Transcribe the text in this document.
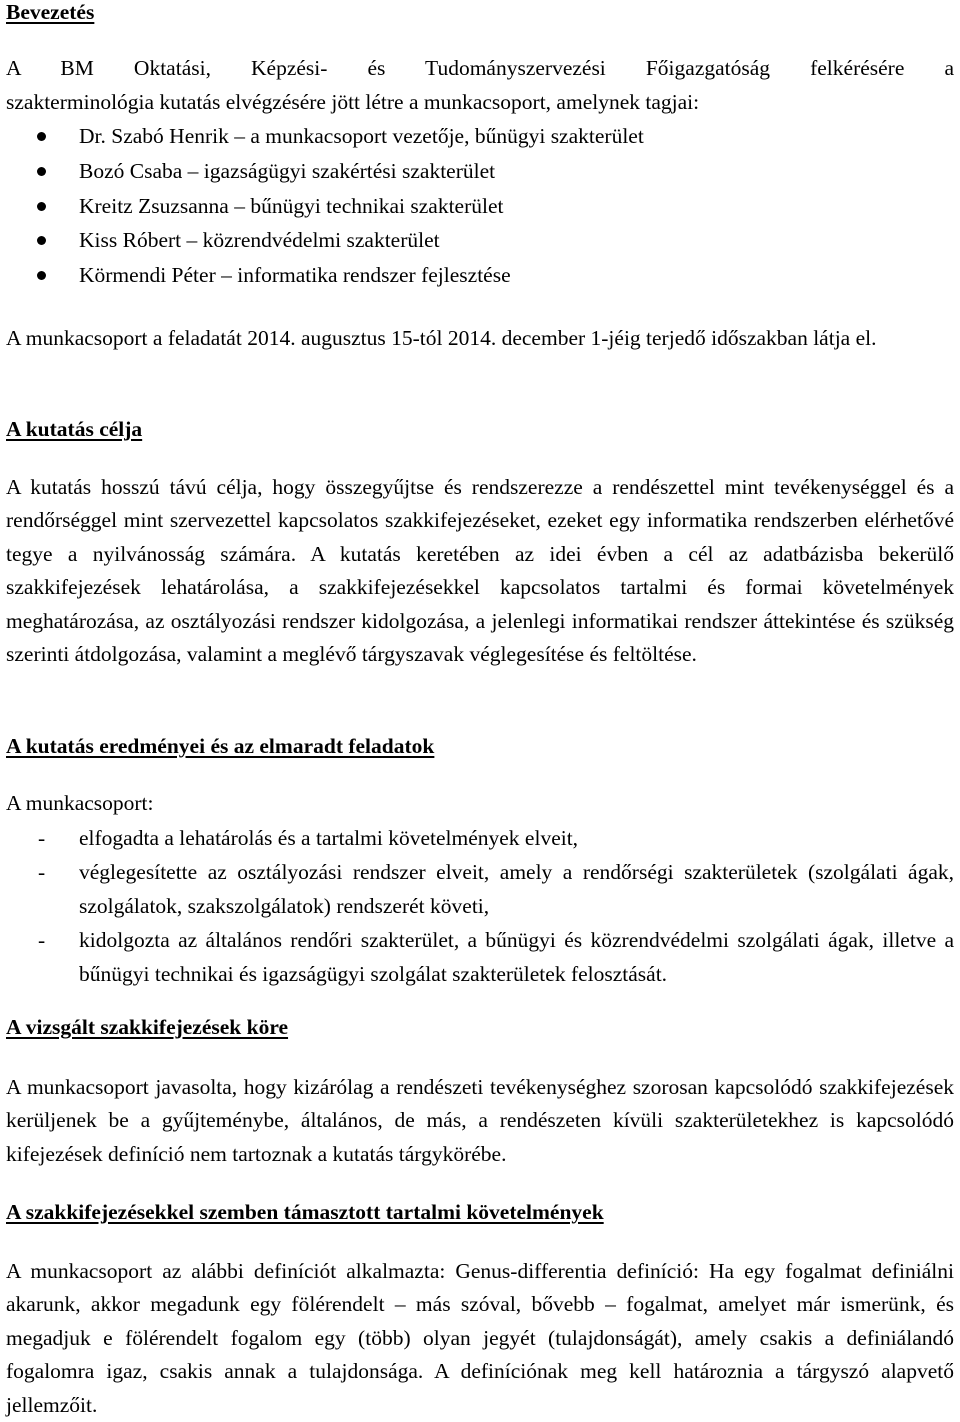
Bevezetés

A BM Oktatási, Képzési- és Tudományszervezési Főigazgatóság felkérésére a

szakterminológia kutatás elvégzésére jött létre a munkacsoport, amelynek tagjai:

Dr. Szabó Henrik – a munkacsoport vezetője, bűnügyi szakterület
Bozó Csaba – igazságügyi szakértési szakterület
Kreitz Zsuzsanna – bűnügyi technikai szakterület
Kiss Róbert – közrendvédelmi szakterület
Körmendi Péter – informatika rendszer fejlesztése

A munkacsoport a feladatát 2014. augusztus 15-tól 2014. december 1-jéig terjedő időszakban látja el.

A kutatás célja

A kutatás hosszú távú célja, hogy összegyűjtse és rendszerezze a rendészettel mint tevékenységgel és a rendőrséggel mint szervezettel kapcsolatos szakkifejezéseket, ezeket egy informatika rendszerben elérhetővé tegye a nyilvánosság számára. A kutatás keretében az idei évben a cél az adatbázisba bekerülő szakkifejezések lehatárolása, a szakkifejezésekkel kapcsolatos tartalmi és formai követelmények meghatározása, az osztályozási rendszer kidolgozása, a jelenlegi informatikai rendszer áttekintése és szükség szerinti átdolgozása, valamint a meglévő tárgyszavak véglegesítése és feltöltése.

A kutatás eredményei és az elmaradt feladatok

A munkacsoport:

- elfogadta a lehatárolás és a tartalmi követelmények elveit,
- véglegesítette az osztályozási rendszer elveit, amely a rendőrségi szakterületek (szolgálati ágak, szolgálatok, szakszolgálatok) rendszerét követi,
- kidolgozta az általános rendőri szakterület, a bűnügyi és közrendvédelmi szolgálati ágak, illetve a bűnügyi technikai és igazságügyi szolgálat szakterületek felosztását.
A vizsgált szakkifejezések köre

A munkacsoport javasolta, hogy kizárólag a rendészeti tevékenységhez szorosan kapcsolódó szakkifejezések kerüljenek be a gyűjteménybe, általános, de más, a rendészeten kívüli szakterületekhez is kapcsolódó kifejezések definíció nem tartoznak a kutatás tárgykörébe.

A szakkifejezésekkel szemben támasztott tartalmi követelmények

A munkacsoport az alábbi definíciót alkalmazta: Genus-differentia definíció: Ha egy fogalmat definiálni akarunk, akkor megadunk egy fölérendelt – más szóval, bővebb – fogalmat, amelyet már ismerünk, és megadjuk e fölérendelt fogalom egy (több) olyan jegyét (tulajdonságát), amely csakis a definiálandó fogalomra igaz, csakis annak a tulajdonsága. A definíciónak meg kell határoznia a tárgyszó alapvető jellemzőit.
